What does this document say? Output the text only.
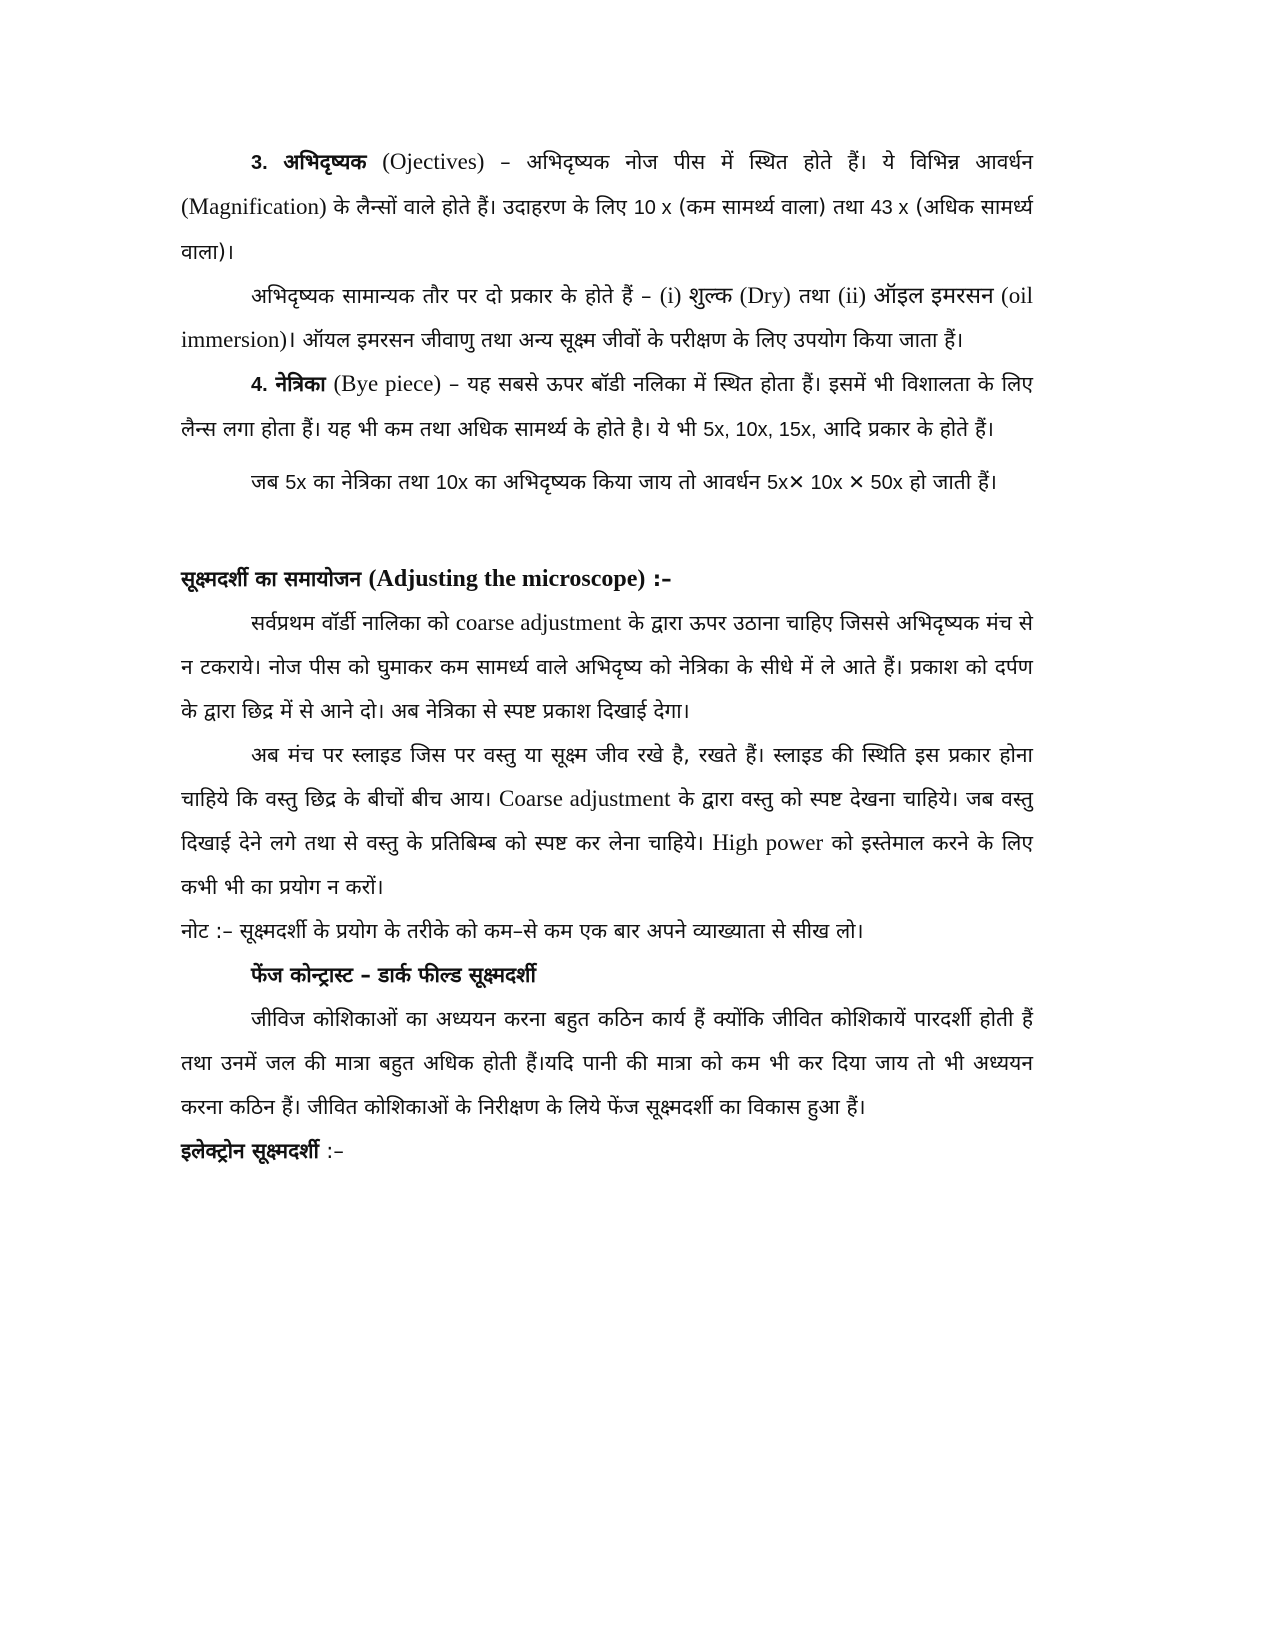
3. अभिदृष्यक (Ojectives) – अभिदृष्यक नोज पीस में स्थित होते हैं। ये विभिन्न आवर्धन (Magnification) के लैन्सों वाले होते हैं। उदाहरण के लिए 10 x (कम सामर्थ्य वाला) तथा 43 x (अधिक सामर्ध्य वाला)।

अभिदृष्यक सामान्यक तौर पर दो प्रकार के होते हैं – (i) शुल्क (Dry) तथा (ii) ऑइल इमरसन (oil immersion)। ऑयल इमरसन जीवाणु तथा अन्य सूक्ष्म जीवों के परीक्षण के लिए उपयोग किया जाता हैं।

4. नेत्रिका (Bye piece) – यह सबसे ऊपर बॉडी नलिका में स्थित होता हैं। इसमें भी विशालता के लिए लैन्स लगा होता हैं। यह भी कम तथा अधिक सामर्थ्य के होते है। ये भी 5x, 10x, 15x, आदि प्रकार के होते हैं।

जब 5x का नेत्रिका तथा 10x का अभिदृष्यक किया जाय तो आवर्धन 5x✕ 10x ✕ 50x हो जाती हैं।

सूक्ष्मदर्शी का समायोजन (Adjusting the microscope) :–

सर्वप्रथम वॉर्डी नालिका को coarse adjustment के द्वारा ऊपर उठाना चाहिए जिससे अभिदृष्यक मंच से न टकराये। नोज पीस को घुमाकर कम सामर्ध्य वाले अभिदृष्य को नेत्रिका के सीधे में ले आते हैं। प्रकाश को दर्पण के द्वारा छिद्र में से आने दो। अब नेत्रिका से स्पष्ट प्रकाश दिखाई देगा।

अब मंच पर स्लाइड जिस पर वस्तु या सूक्ष्म जीव रखे है, रखते हैं। स्लाइड की स्थिति इस प्रकार होना चाहिये कि वस्तु छिद्र के बीचों बीच आय। Coarse adjustment के द्वारा वस्तु को स्पष्ट देखना चाहिये। जब वस्तु दिखाई देने लगे तथा से वस्तु के प्रतिबिम्ब को स्पष्ट कर लेना चाहिये। High power को इस्तेमाल करने के लिए कभी भी का प्रयोग न करों।

नोट :– सूक्ष्मदर्शी के प्रयोग के तरीके को कम–से कम एक बार अपने व्याख्याता से सीख लो।

फेंज कोन्ट्रास्ट – डार्क फील्ड सूक्ष्मदर्शी

जीविज कोशिकाओं का अध्ययन करना बहुत कठिन कार्य हैं क्योंकि जीवित कोशिकायें पारदर्शी होती हैं तथा उनमें जल की मात्रा बहुत अधिक होती हैं।यदि पानी की मात्रा को कम भी कर दिया जाय तो भी अध्ययन करना कठिन हैं। जीवित कोशिकाओं के निरीक्षण के लिये फेंज सूक्ष्मदर्शी का विकास हुआ हैं।

इलेक्ट्रोन सूक्ष्मदर्शी :–
